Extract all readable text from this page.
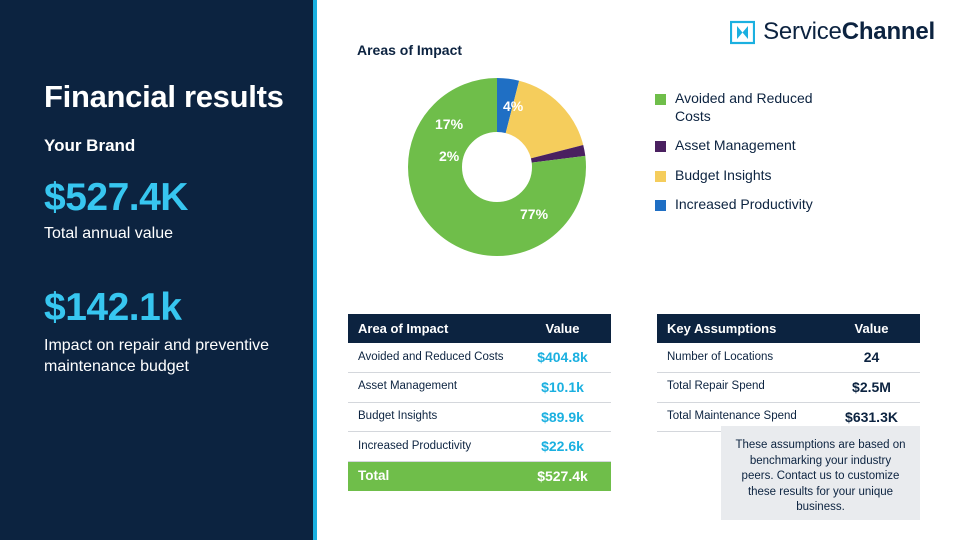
Financial results
Your Brand
$527.4K
Total annual value
$142.1k
Impact on repair and preventive maintenance budget
ServiceChannel
Areas of Impact
4%
17%
2%
77%
Avoided and Reduced Costs
Asset Management
Budget Insights
Increased Productivity
Area of Impact	Value
Avoided and Reduced Costs	$404.8k
Asset Management	$10.1k
Budget Insights	$89.9k
Increased Productivity	$22.6k
Total	$527.4k
Key Assumptions	Value
Number of Locations	24
Total Repair Spend	$2.5M
Total Maintenance Spend	$631.3K
These assumptions are based on benchmarking your industry peers. Contact us to customize these results for your unique business.
